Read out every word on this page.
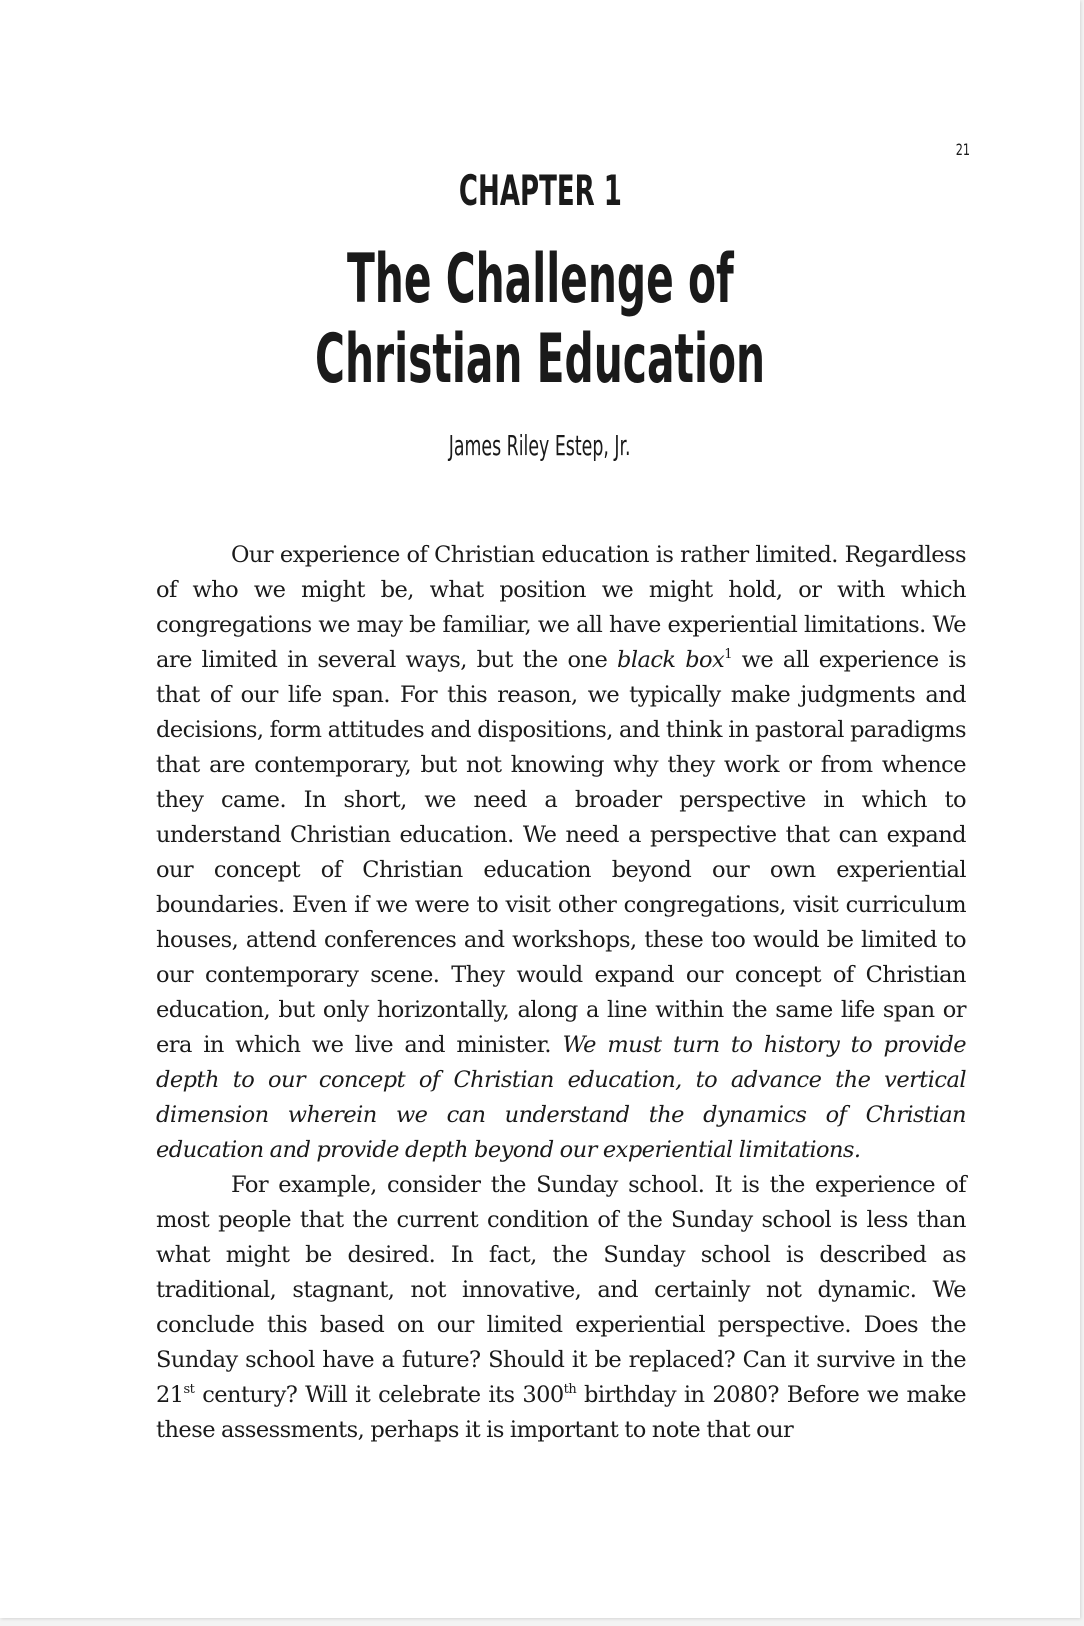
21
CHAPTER 1
The Challenge of
Christian Education
James Riley Estep, Jr.

Our experience of Christian education is rather limited. Regardless of who we might be, what position we might hold, or with which congregations we may be familiar, we all have experiential limitations. We are limited in several ways, but the one black box$^1$ we all experience is that of our life span. For this reason, we typically make judgments and decisions, form attitudes and dispositions, and think in pastoral paradigms that are contemporary, but not knowing why they work or from whence they came. In short, we need a broader perspective in which to understand Christian education. We need a perspective that can expand our concept of Christian education beyond our own experiential boundaries. Even if we were to visit other congregations, visit curriculum houses, attend conferences and workshops, these too would be limited to our contemporary scene. They would expand our concept of Christian education, but only horizontally, along a line within the same life span or era in which we live and minister. We must turn to history to provide depth to our concept of Christian education, to advance the vertical dimension wherein we can understand the dynamics of Christian education and provide depth beyond our experiential limitations.

For example, consider the Sunday school. It is the experience of most people that the current condition of the Sunday school is less than what might be desired. In fact, the Sunday school is described as traditional, stagnant, not innovative, and certainly not dynamic. We conclude this based on our limited experiential perspective. Does the Sunday school have a future? Should it be replaced? Can it survive in the 21st century? Will it celebrate its 300th birthday in 2080? Before we make these assessments, perhaps it is important to note that our
